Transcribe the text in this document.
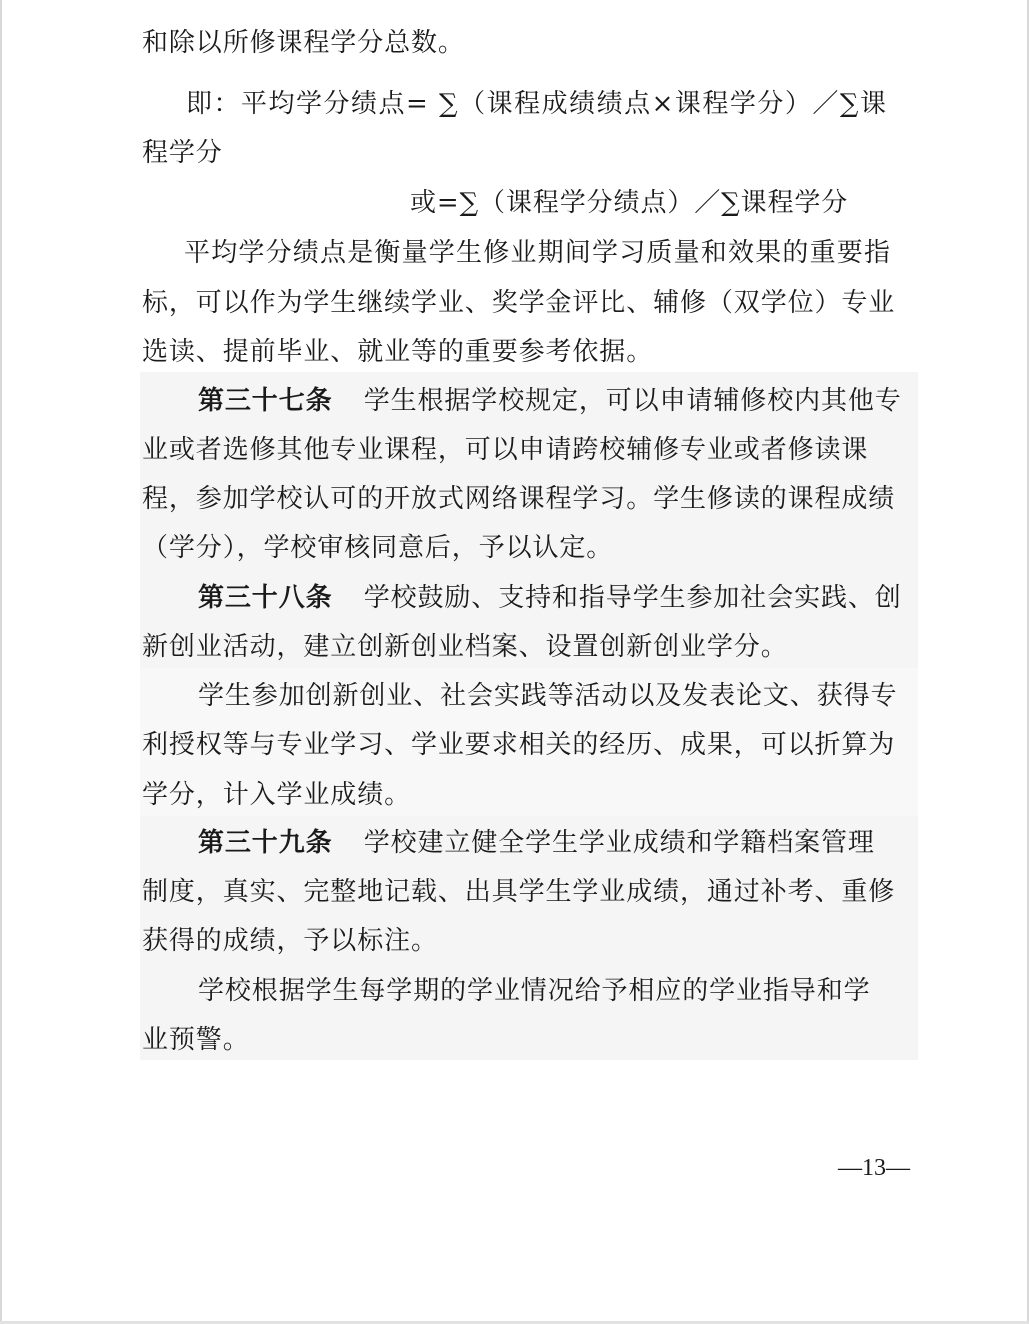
和除以所修课程学分总数。
即：平均学分绩点= ∑（课程成绩绩点×课程学分）／∑课
程学分
或=∑（课程学分绩点）／∑课程学分
平均学分绩点是衡量学生修业期间学习质量和效果的重要指
标，可以作为学生继续学业、奖学金评比、辅修（双学位）专业
选读、提前毕业、就业等的重要参考依据。
第三十七条 学生根据学校规定，可以申请辅修校内其他专
业或者选修其他专业课程，可以申请跨校辅修专业或者修读课
程，参加学校认可的开放式网络课程学习。学生修读的课程成绩
（学分），学校审核同意后，予以认定。
第三十八条 学校鼓励、支持和指导学生参加社会实践、创
新创业活动，建立创新创业档案、设置创新创业学分。
学生参加创新创业、社会实践等活动以及发表论文、获得专
利授权等与专业学习、学业要求相关的经历、成果，可以折算为
学分，计入学业成绩。
第三十九条 学校建立健全学生学业成绩和学籍档案管理
制度，真实、完整地记载、出具学生学业成绩，通过补考、重修
获得的成绩，予以标注。
学校根据学生每学期的学业情况给予相应的学业指导和学
业预警。
—13—
